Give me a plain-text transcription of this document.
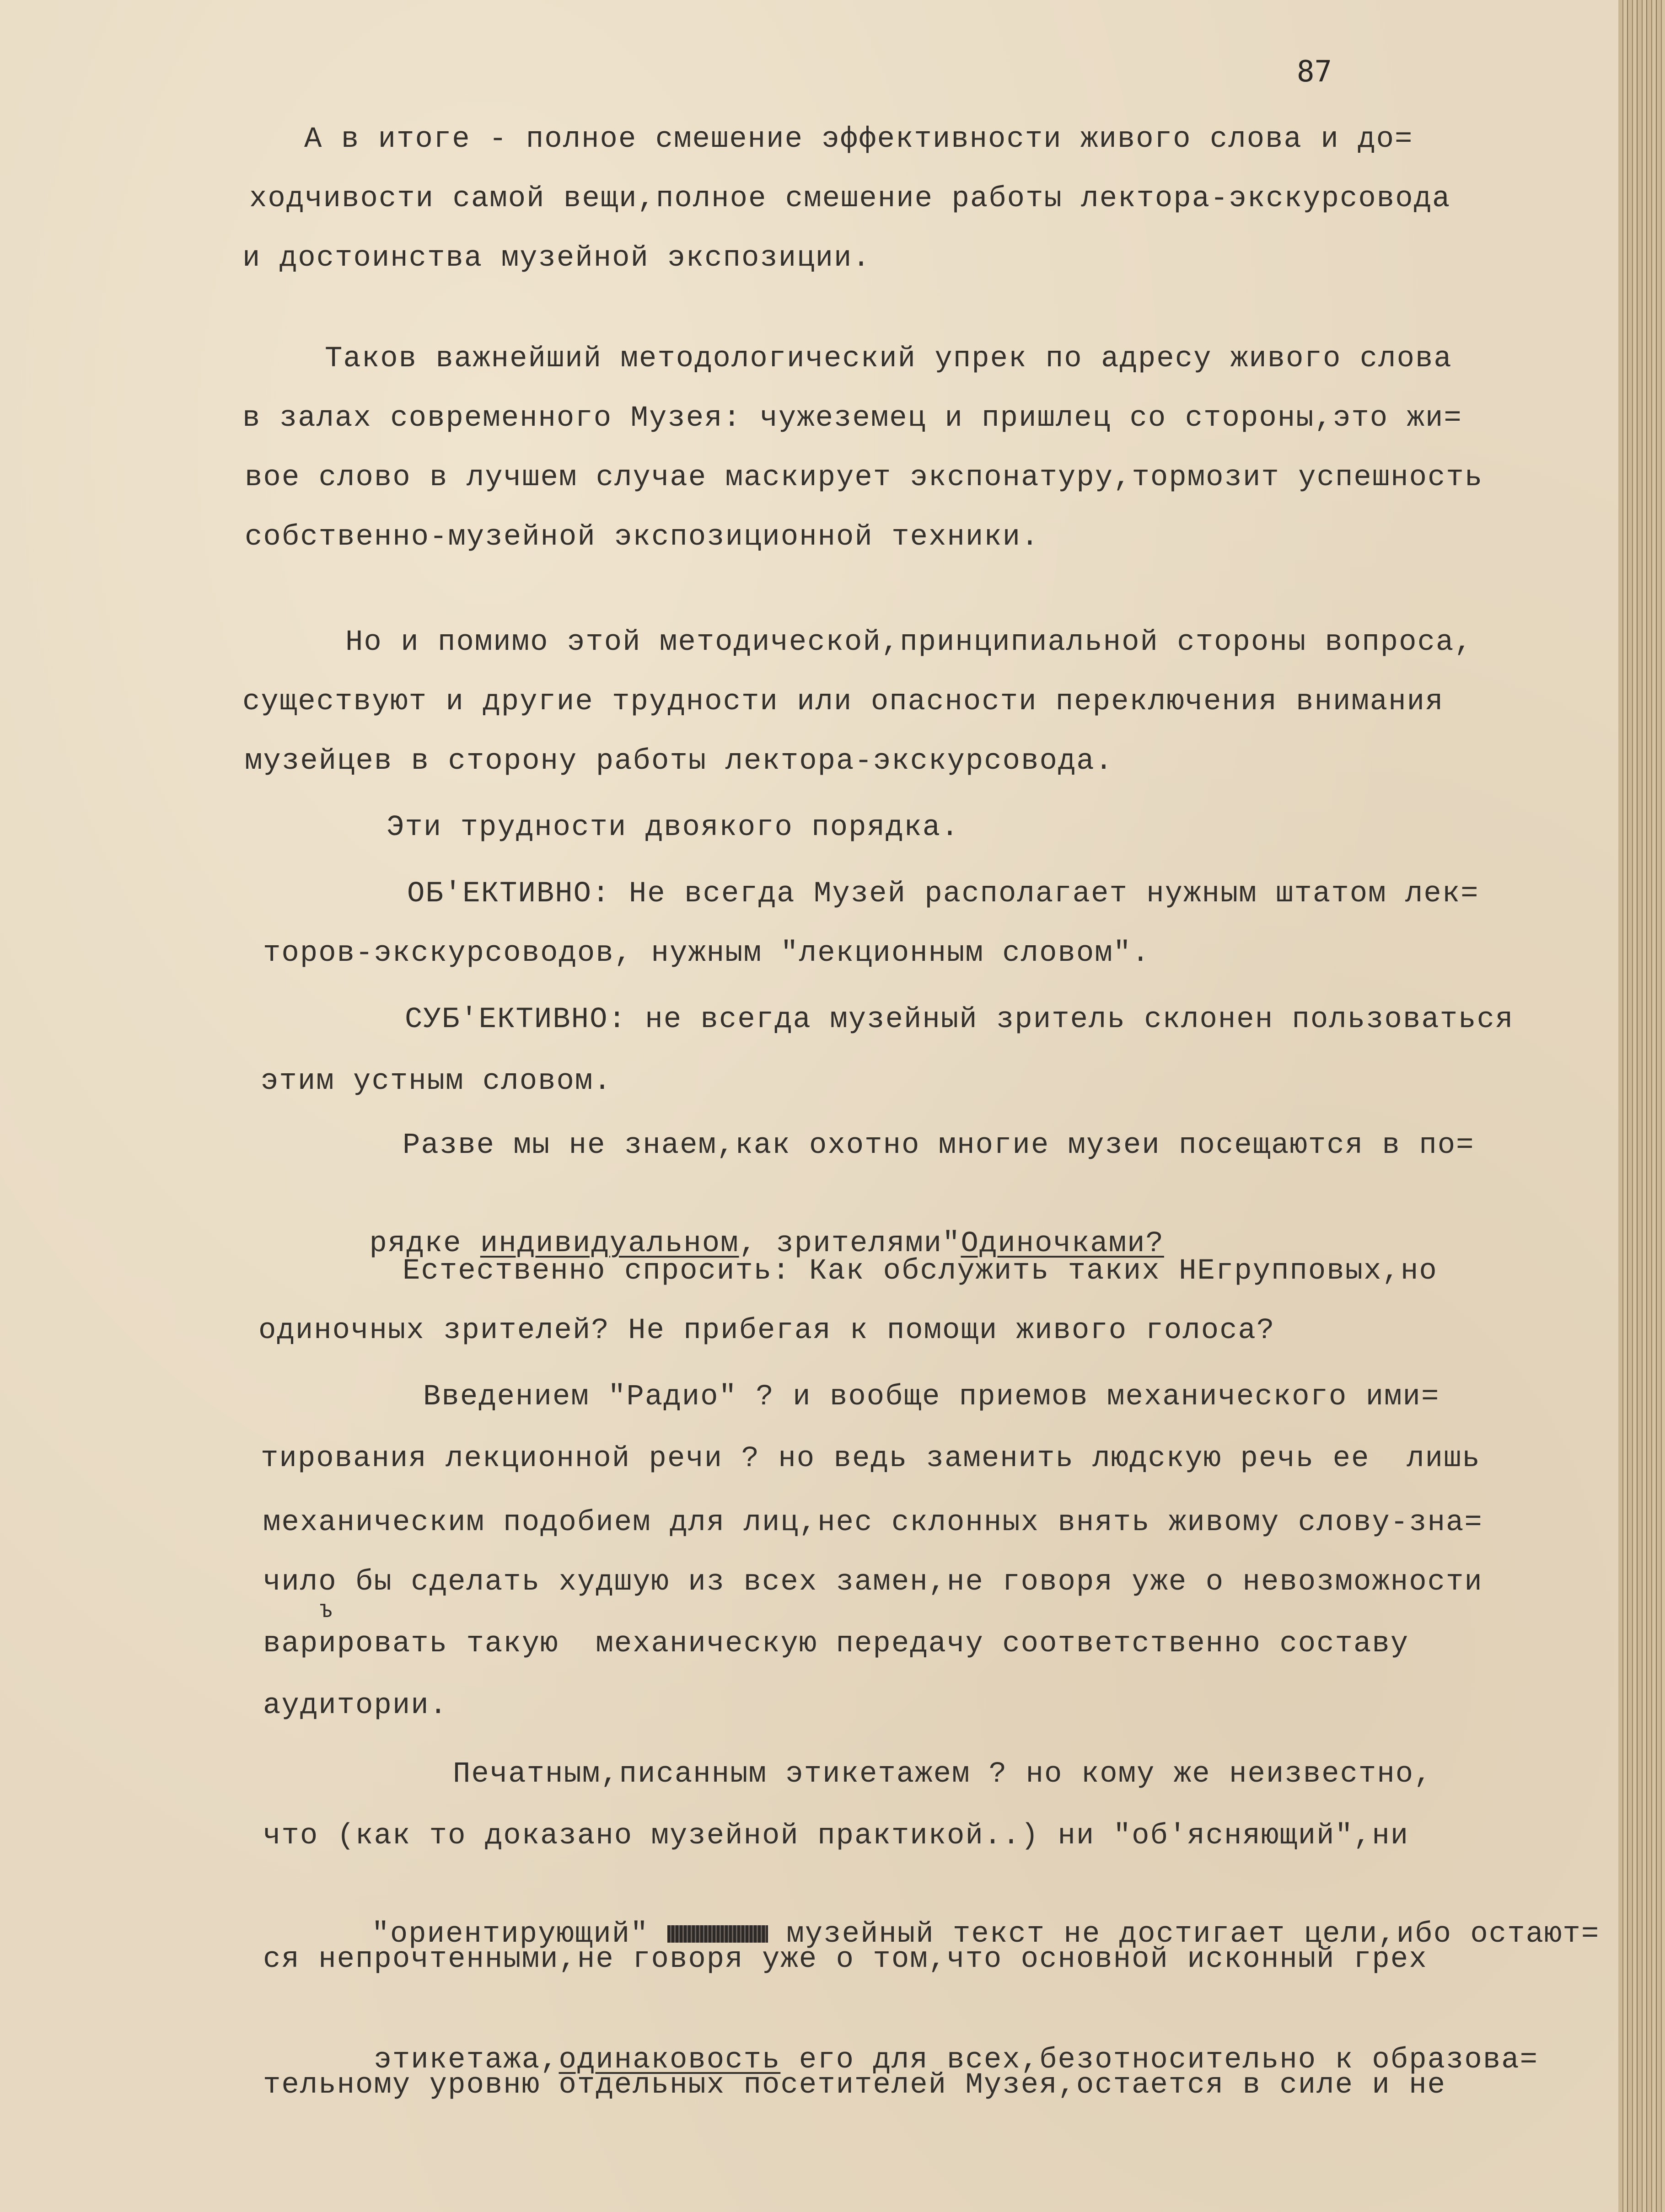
87
А в итоге - полное смешение эффективности живого слова и до=
ходчивости самой вещи,полное смешение работы лектора-экскурсовода
и достоинства музейной экспозиции.
Таков важнейший методологический упрек по адресу живого слова
в залах современного Музея: чужеземец и пришлец со стороны,это жи=
вое слово в лучшем случае маскирует экспонатуру,тормозит успешность
собственно-музейной экспозиционной техники.
Но и помимо этой методической,принципиальной стороны вопроса,
существуют и другие трудности или опасности переключения внимания
музейцев в сторону работы лектора-экскурсовода.
Эти трудности двоякого порядка.
ОБ'ЕКТИВНО: Не всегда Музей располагает нужным штатом лек=
торов-экскурсоводов, нужным "лекционным словом".
СУБ'ЕКТИВНО: не всегда музейный зритель склонен пользоваться
этим устным словом.
Разве мы не знаем,как охотно многие музеи посещаются в по=

рядке индивидуальном, зрителями"Одиночками?

Естественно спросить: Как обслужить таких НЕгрупповых,но
одиночных зрителей? Не прибегая к помощи живого голоса?
Введением "Радио" ? и вообще приемов механического ими=
тирования лекционной речи ? но ведь заменить людскую речь ее  лишь
механическим подобием для лиц,нес склонных внять живому слову-зна=
чило бы сделать худшую из всех замен,не говоря уже о невозможности
Ъ
варировать такую  механическую передачу соответственно составу
аудитории.
Печатным,писанным этикетажем ? но кому же неизвестно,
что (как то доказано музейной практикой..) ни "об'ясняющий",ни

"ориентирующий"	музейный текст не достигает цели,ибо остают=

ся непрочтенными,не говоря уже о том,что основной исконный грех

этикетажа,одинаковость его для всех,безотносительно к образова=

тельному уровню отдельных посетителей Музея,остается в силе и не
